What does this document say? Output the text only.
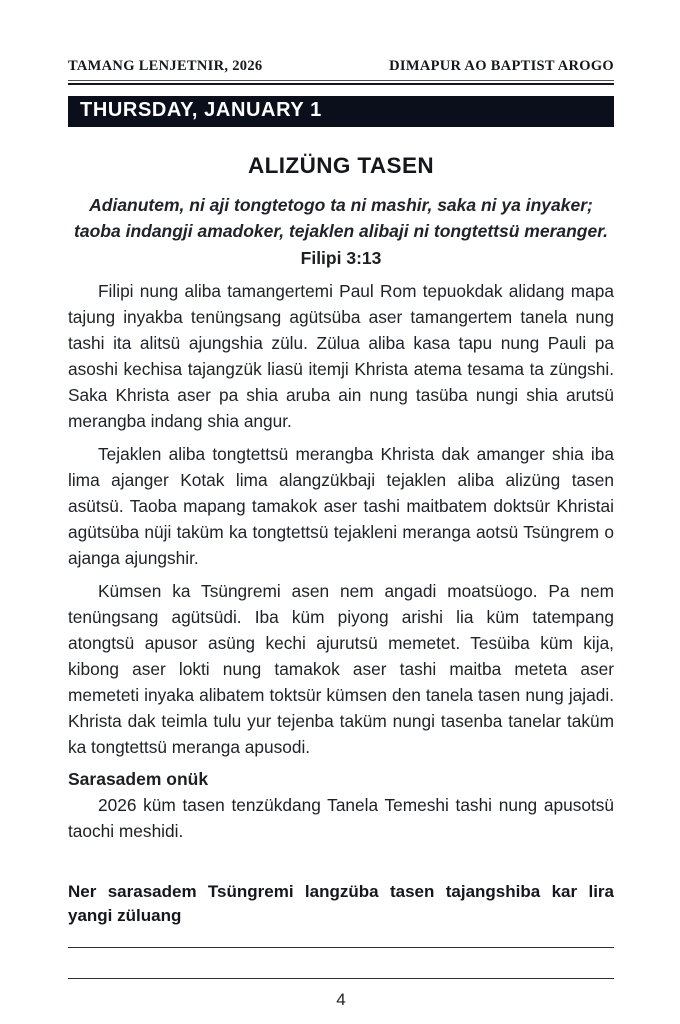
TAMANG LENJETNIR, 2026	DIMAPUR AO BAPTIST AROGO
THURSDAY, JANUARY 1
ALIZÜNG TASEN
Adianutem, ni aji tongtetogo ta ni mashir, saka ni ya inyaker;
taoba indangji amadoker, tejaklen alibaji ni tongtettsü meranger.
Filipi 3:13

Filipi nung aliba tamangertemi Paul Rom tepuokdak alidang mapa tajung inyakba tenüngsang agütsüba aser tamangertem tanela nung tashi ita alitsü ajungshia zülu. Zülua aliba kasa tapu nung Pauli pa asoshi kechisa tajangzük liasü itemji Khrista atema tesama ta züngshi. Saka Khrista aser pa shia aruba ain nung tasüba nungi shia arutsü merangba indang shia angur.

Tejaklen aliba tongtettsü merangba Khrista dak amanger shia iba lima ajanger Kotak lima alangzükbaji tejaklen aliba alizüng tasen asütsü. Taoba mapang tamakok aser tashi maitbatem doktsür Khristai agütsüba nüji taküm ka tongtettsü tejakleni meranga aotsü Tsüngrem o ajanga ajungshir.

Kümsen ka Tsüngremi asen nem angadi moatsüogo. Pa nem tenüngsang agütsüdi. Iba küm piyong arishi lia küm tatempang atongtsü apusor asüng kechi ajurutsü memetet. Tesüiba küm kija, kibong aser lokti nung tamakok aser tashi maitba meteta aser memeteti inyaka alibatem toktsür kümsen den tanela tasen nung jajadi. Khrista dak teimla tulu yur tejenba taküm nungi tasenba tanelar taküm ka tongtettsü meranga apusodi.

Sarasadem onük

2026 küm tasen tenzükdang Tanela Temeshi tashi nung apusotsü taochi meshidi.

Ner sarasadem Tsüngremi langzüba tasen tajangshiba kar lira yangi züluang
4
